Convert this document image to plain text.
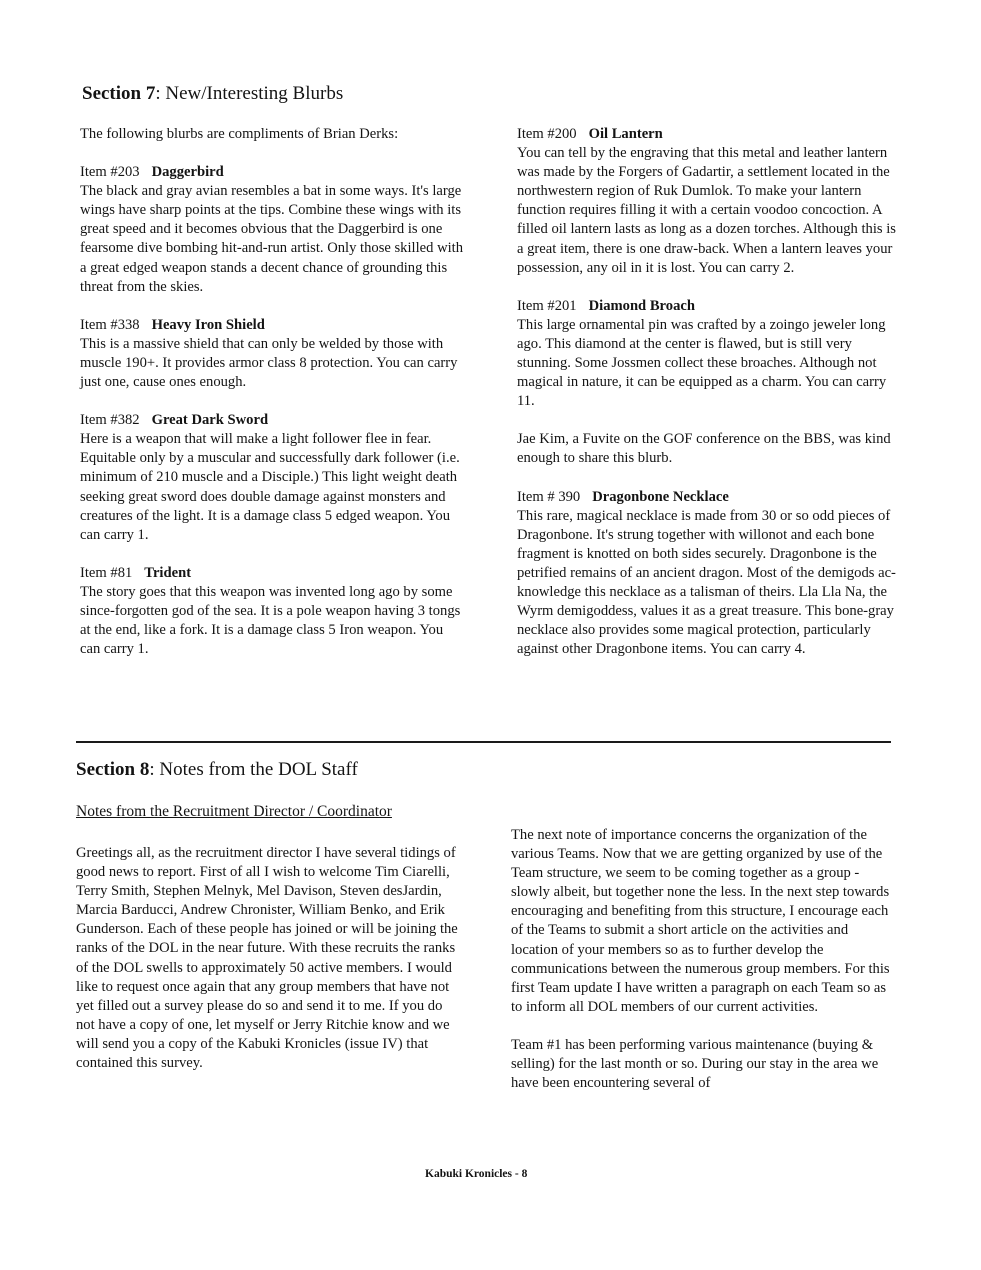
Section 7: New/Interesting Blurbs

The following blurbs are compliments of Brian Derks:

Item #203 Daggerbird

The black and gray avian resembles a bat in some ways. It's large wings have sharp points at the tips. Combine these wings with its great speed and it becomes obvious that the Daggerbird is one fearsome dive bombing hit-and-run artist. Only those skilled with a great edged weapon stands a decent chance of grounding this threat from the skies.

Item #338 Heavy Iron Shield

This is a massive shield that can only be welded by those with muscle 190+. It provides armor class 8 protection. You can carry just one, cause ones enough.

Item #382 Great Dark Sword

Here is a weapon that will make a light follower flee in fear. Equitable only by a muscular and successfully dark follower (i.e. minimum of 210 muscle and a Disciple.) This light weight death seeking great sword does double damage against monsters and creatures of the light. It is a damage class 5 edged weapon. You can carry 1.

Item #81 Trident

The story goes that this weapon was invented long ago by some since-forgotten god of the sea. It is a pole weapon having 3 tongs at the end, like a fork. It is a damage class 5 Iron weapon. You can carry 1.

Item #200 Oil Lantern

You can tell by the engraving that this metal and leather lantern was made by the Forgers of Gadartir, a settlement located in the northwestern region of Ruk Dumlok. To make your lantern function requires filling it with a certain voodoo concoction. A filled oil lantern lasts as long as a dozen torches. Although this is a great item, there is one draw-back. When a lantern leaves your possession, any oil in it is lost. You can carry 2.

Item #201 Diamond Broach

This large ornamental pin was crafted by a zoingo jeweler long ago. This diamond at the center is flawed, but is still very stunning. Some Jossmen collect these broaches. Although not magical in nature, it can be equipped as a charm. You can carry 11.

Jae Kim, a Fuvite on the GOF conference on the BBS, was kind enough to share this blurb.

Item # 390 Dragonbone Necklace

This rare, magical necklace is made from 30 or so odd pieces of Dragonbone. It's strung together with willonot and each bone fragment is knotted on both sides securely. Dragonbone is the petrified remains of an ancient dragon. Most of the demigods ac-knowledge this necklace as a talisman of theirs. Lla Lla Na, the Wyrm demigoddess, values it as a great treasure. This bone-gray necklace also provides some magical protection, particularly against other Dragonbone items. You can carry 4.

Section 8: Notes from the DOL Staff
Notes from the Recruitment Director / Coordinator

Greetings all, as the recruitment director I have several tidings of good news to report. First of all I wish to welcome Tim Ciarelli, Terry Smith, Stephen Melnyk, Mel Davison, Steven desJardin, Marcia Barducci, Andrew Chronister, William Benko, and Erik Gunderson. Each of these people has joined or will be joining the ranks of the DOL in the near future. With these recruits the ranks of the DOL swells to approximately 50 active members. I would like to request once again that any group members that have not yet filled out a survey please do so and send it to me. If you do not have a copy of one, let myself or Jerry Ritchie know and we will send you a copy of the Kabuki Kronicles (issue IV) that contained this survey.

The next note of importance concerns the organization of the various Teams. Now that we are getting organized by use of the Team structure, we seem to be coming together as a group - slowly albeit, but together none the less. In the next step towards encouraging and benefiting from this structure, I encourage each of the Teams to submit a short article on the activities and location of your members so as to further develop the communications between the numerous group members. For this first Team update I have written a paragraph on each Team so as to inform all DOL members of our current activities.

Team #1 has been performing various maintenance (buying & selling) for the last month or so. During our stay in the area we have been encountering several of

Kabuki Kronicles - 8
